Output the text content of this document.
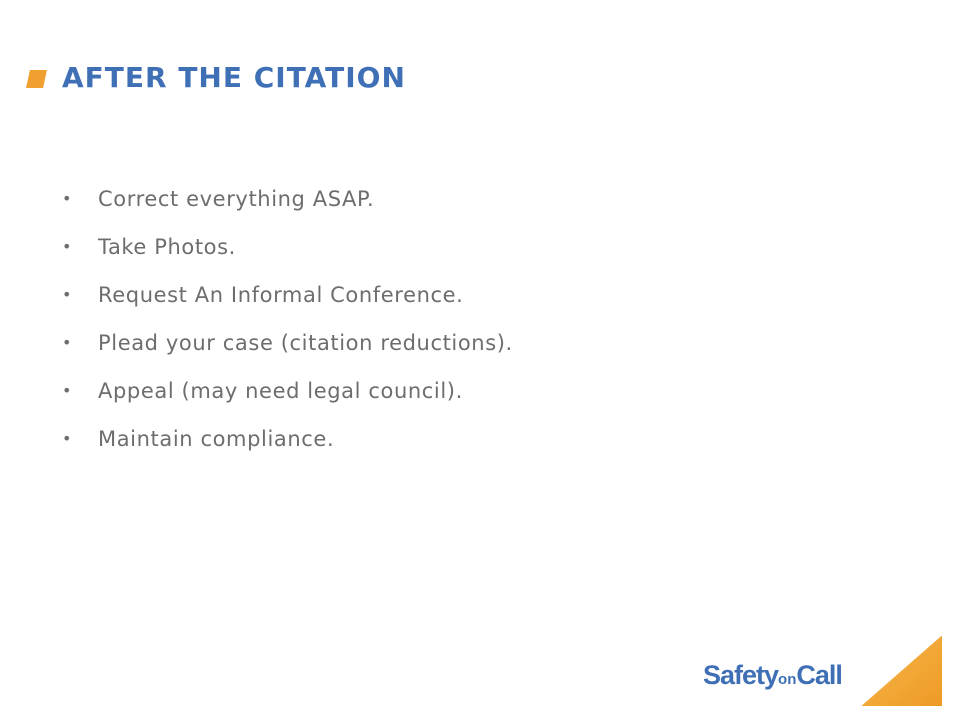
AFTER THE CITATION
•	Correct everything ASAP.
•	Take Photos.
•	Request An Informal Conference.
•	Plead your case (citation reductions).
•	Appeal (may need legal council).
•	Maintain compliance.
SafetyonCall
